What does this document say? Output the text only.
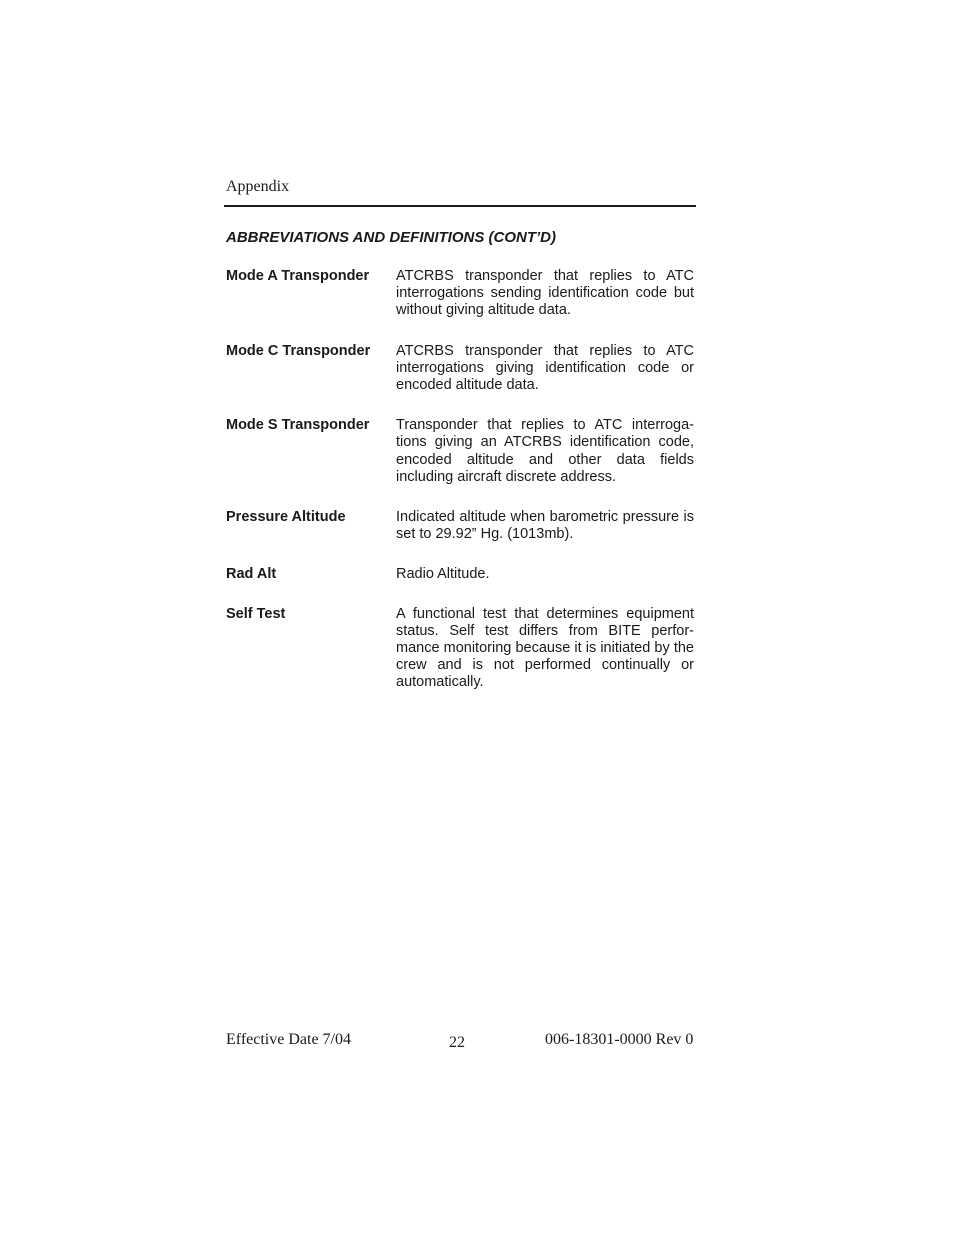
Appendix
ABBREVIATIONS AND DEFINITIONS (CONT’D)
Mode A Transponder	ATCRBS transponder that replies to ATC interrogations sending identification code but without giving altitude data.
Mode C Transponder	ATCRBS transponder that replies to ATC interrogations giving identification code or encoded altitude data.
Mode S Transponder	Transponder that replies to ATC interroga-tions giving an ATCRBS identification code, encoded altitude and other data fields including aircraft discrete address.
Pressure Altitude	Indicated altitude when barometric pressure is set to 29.92” Hg. (1013mb).
Rad Alt	Radio Altitude.
Self Test	A functional test that determines equipment status. Self test differs from BITE perfor-mance monitoring because it is initiated by the crew and is not performed continually or automatically.
Effective Date 7/04	22	006-18301-0000 Rev 0
